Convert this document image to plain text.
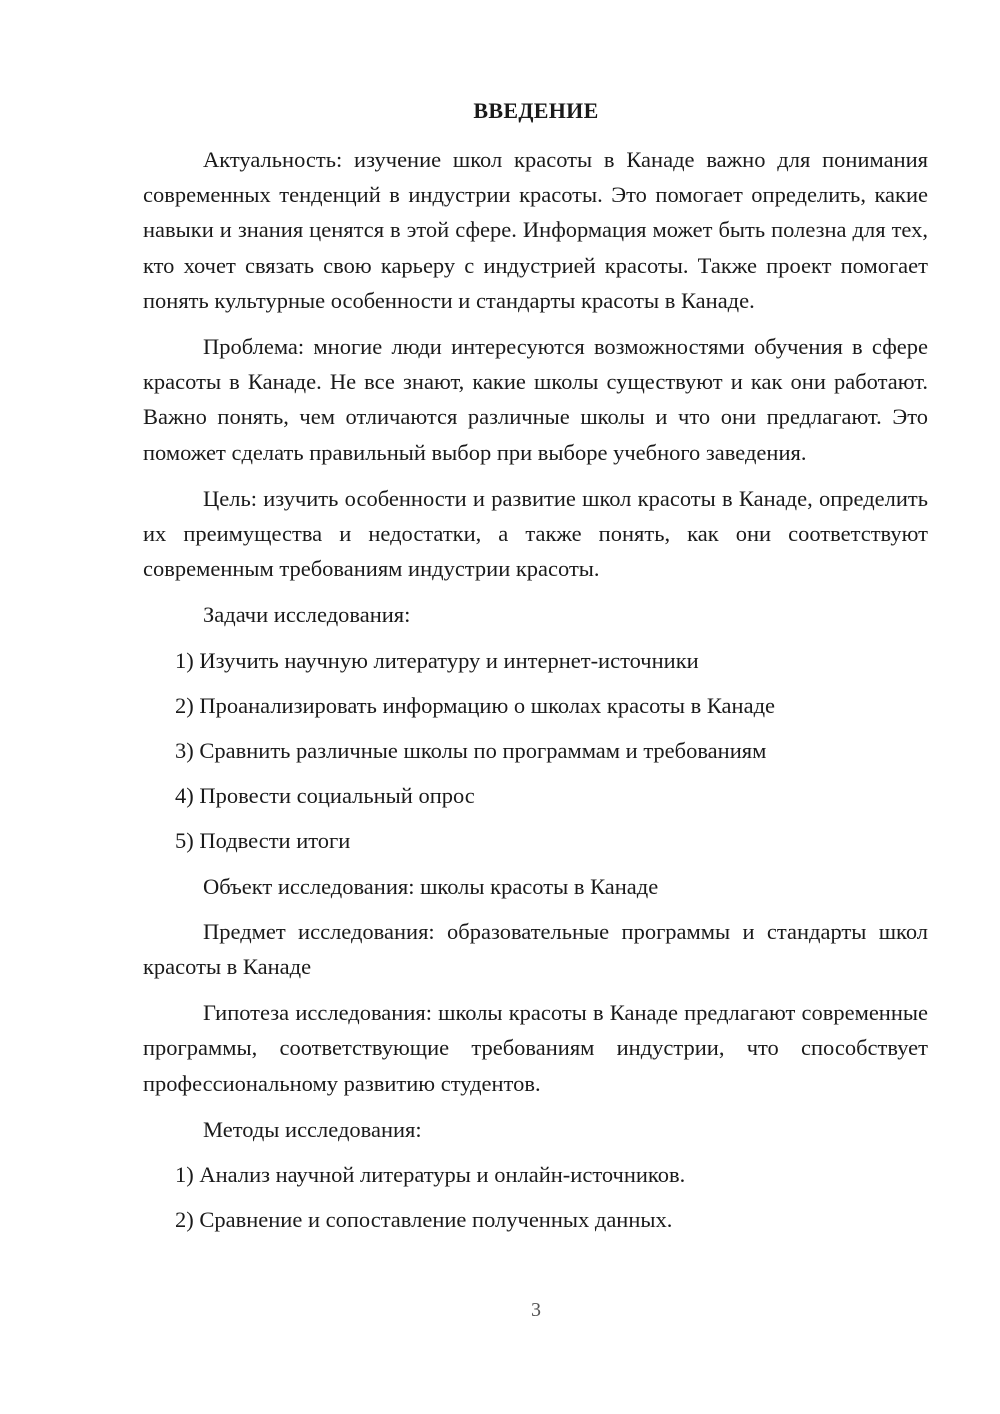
ВВЕДЕНИЕ

Актуальность: изучение школ красоты в Канаде важно для понимания современных тенденций в индустрии красоты. Это помогает определить, какие навыки и знания ценятся в этой сфере. Информация может быть полезна для тех, кто хочет связать свою карьеру с индустрией красоты. Также проект помогает понять культурные особенности и стандарты красоты в Канаде.

Проблема: многие люди интересуются возможностями обучения в сфере красоты в Канаде. Не все знают, какие школы существуют и как они работают. Важно понять, чем отличаются различные школы и что они предлагают. Это поможет сделать правильный выбор при выборе учебного заведения.

Цель: изучить особенности и развитие школ красоты в Канаде, определить их преимущества и недостатки, а также понять, как они соответствуют современным требованиям индустрии красоты.

Задачи исследования:

1) Изучить научную литературу и интернет-источники

2) Проанализировать информацию о школах красоты в Канаде

3) Сравнить различные школы по программам и требованиям

4) Провести социальный опрос

5) Подвести итоги

Объект исследования: школы красоты в Канаде

Предмет исследования: образовательные программы и стандарты школ красоты в Канаде

Гипотеза исследования: школы красоты в Канаде предлагают современные программы, соответствующие требованиям индустрии, что способствует профессиональному развитию студентов.

Методы исследования:

1) Анализ научной литературы и онлайн-источников.

2) Сравнение и сопоставление полученных данных.

3
